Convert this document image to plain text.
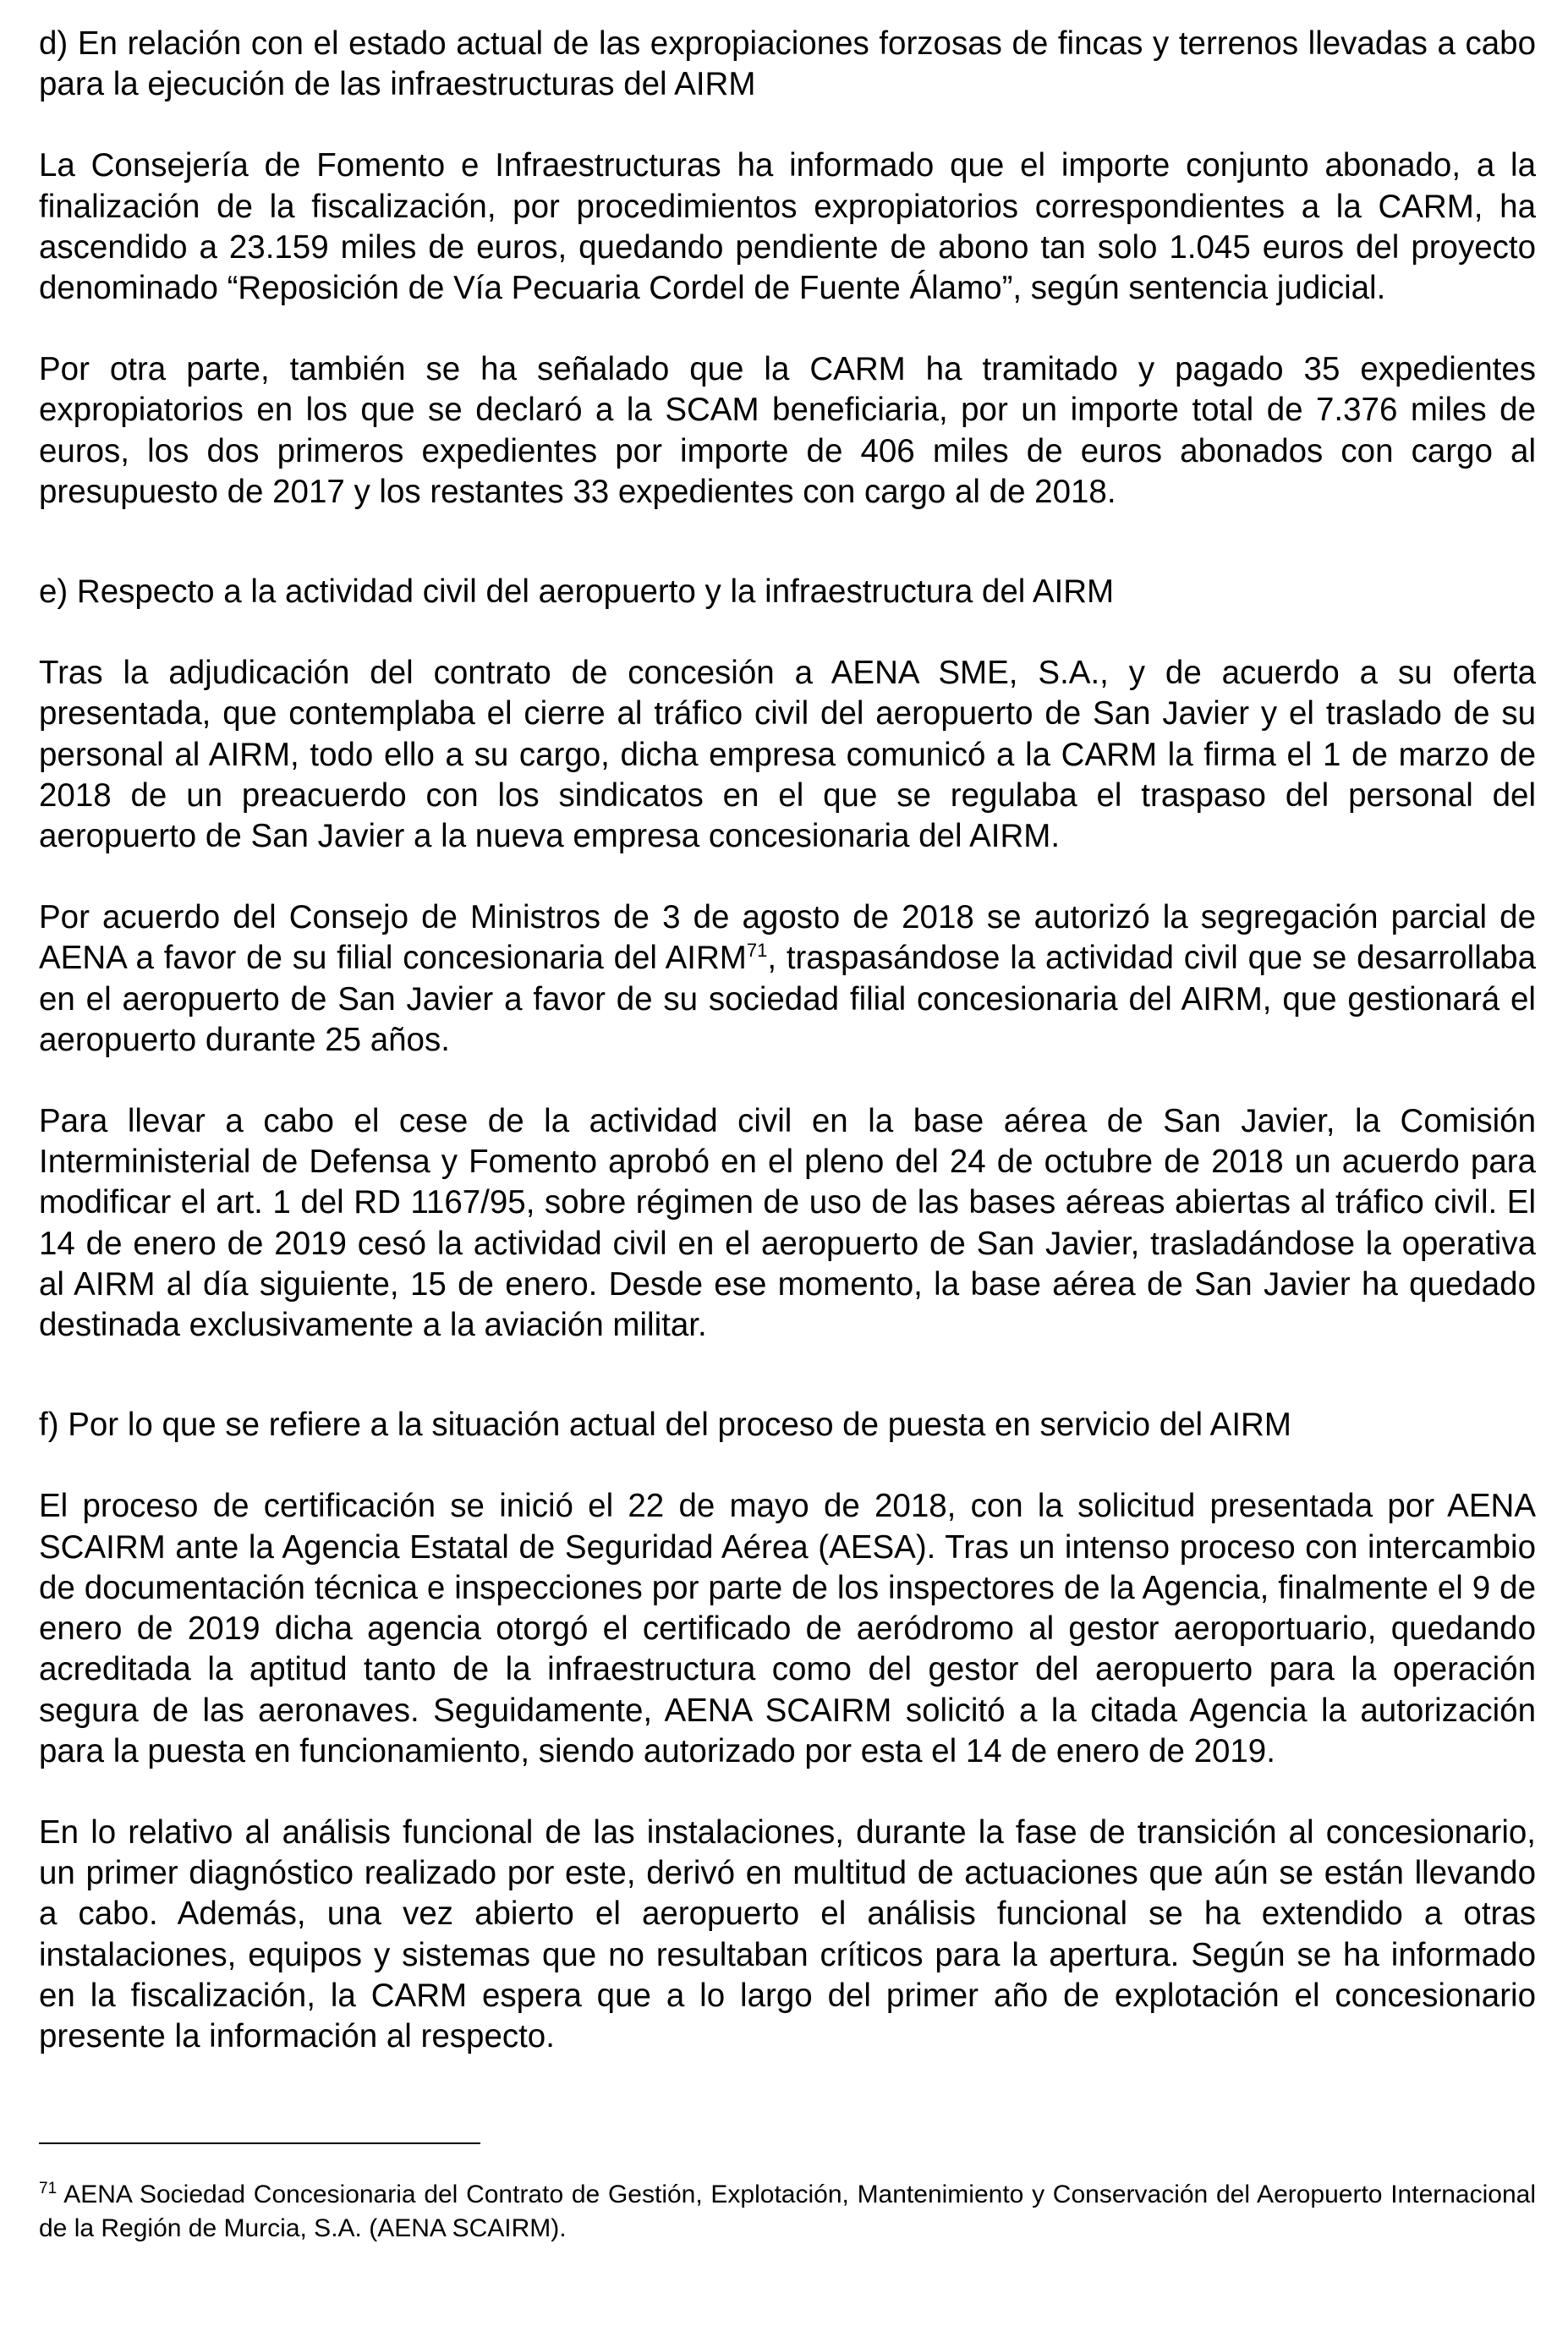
d) En relación con el estado actual de las expropiaciones forzosas de fincas y terrenos llevadas a cabo para la ejecución de las infraestructuras del AIRM

La Consejería de Fomento e Infraestructuras ha informado que el importe conjunto abonado, a la finalización de la fiscalización, por procedimientos expropiatorios correspondientes a la CARM, ha ascendido a 23.159 miles de euros, quedando pendiente de abono tan solo 1.045 euros del proyecto denominado “Reposición de Vía Pecuaria Cordel de Fuente Álamo”, según sentencia judicial.

Por otra parte, también se ha señalado que la CARM ha tramitado y pagado 35 expedientes expropiatorios en los que se declaró a la SCAM beneficiaria, por un importe total de 7.376 miles de euros, los dos primeros expedientes por importe de 406 miles de euros abonados con cargo al presupuesto de 2017 y los restantes 33 expedientes con cargo al de 2018.

e) Respecto a la actividad civil del aeropuerto y la infraestructura del AIRM

Tras la adjudicación del contrato de concesión a AENA SME, S.A., y de acuerdo a su oferta presentada, que contemplaba el cierre al tráfico civil del aeropuerto de San Javier y el traslado de su personal al AIRM, todo ello a su cargo, dicha empresa comunicó a la CARM la firma el 1 de marzo de 2018 de un preacuerdo con los sindicatos en el que se regulaba el traspaso del personal del aeropuerto de San Javier a la nueva empresa concesionaria del AIRM.

Por acuerdo del Consejo de Ministros de 3 de agosto de 2018 se autorizó la segregación parcial de AENA a favor de su filial concesionaria del AIRM$^{71}$, traspasándose la actividad civil que se desarrollaba en el aeropuerto de San Javier a favor de su sociedad filial concesionaria del AIRM, que gestionará el aeropuerto durante 25 años.

Para llevar a cabo el cese de la actividad civil en la base aérea de San Javier, la Comisión Interministerial de Defensa y Fomento aprobó en el pleno del 24 de octubre de 2018 un acuerdo para modificar el art. 1 del RD 1167/95, sobre régimen de uso de las bases aéreas abiertas al tráfico civil. El 14 de enero de 2019 cesó la actividad civil en el aeropuerto de San Javier, trasladándose la operativa al AIRM al día siguiente, 15 de enero. Desde ese momento, la base aérea de San Javier ha quedado destinada exclusivamente a la aviación militar.

f) Por lo que se refiere a la situación actual del proceso de puesta en servicio del AIRM

El proceso de certificación se inició el 22 de mayo de 2018, con la solicitud presentada por AENA SCAIRM ante la Agencia Estatal de Seguridad Aérea (AESA). Tras un intenso proceso con intercambio de documentación técnica e inspecciones por parte de los inspectores de la Agencia, finalmente el 9 de enero de 2019 dicha agencia otorgó el certificado de aeródromo al gestor aeroportuario, quedando acreditada la aptitud tanto de la infraestructura como del gestor del aeropuerto para la operación segura de las aeronaves. Seguidamente, AENA SCAIRM solicitó a la citada Agencia la autorización para la puesta en funcionamiento, siendo autorizado por esta el 14 de enero de 2019.

En lo relativo al análisis funcional de las instalaciones, durante la fase de transición al concesionario, un primer diagnóstico realizado por este, derivó en multitud de actuaciones que aún se están llevando a cabo. Además, una vez abierto el aeropuerto el análisis funcional se ha extendido a otras instalaciones, equipos y sistemas que no resultaban críticos para la apertura. Según se ha informado en la fiscalización, la CARM espera que a lo largo del primer año de explotación el concesionario presente la información al respecto.

$^{71}$ AENA Sociedad Concesionaria del Contrato de Gestión, Explotación, Mantenimiento y Conservación del Aeropuerto Internacional de la Región de Murcia, S.A. (AENA SCAIRM).
